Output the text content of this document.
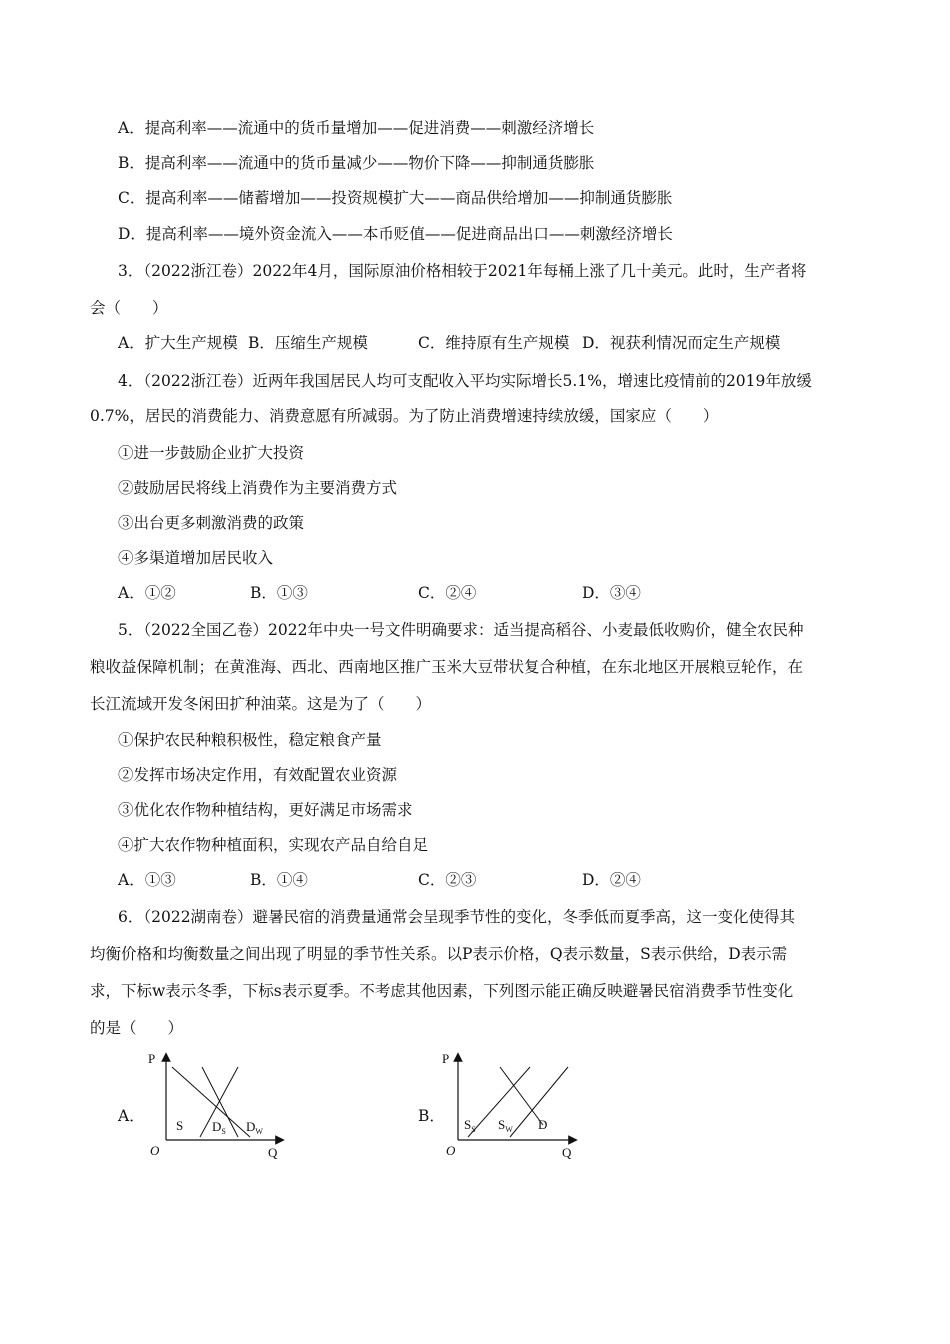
A．提高利率——流通中的货币量增加——促进消费——刺激经济增长
B．提高利率——流通中的货币量减少——物价下降——抑制通货膨胀
C．提高利率——储蓄增加——投资规模扩大——商品供给增加——抑制通货膨胀
D．提高利率——境外资金流入——本币贬值——促进商品出口——刺激经济增长
3．（2022浙江卷）2022年4月，国际原油价格相较于2021年每桶上涨了几十美元。此时，生产者将
会（　　）
A．扩大生产规模 B．压缩生产规模	C．维持原有生产规模 D．视获利情况而定生产规模
4．（2022浙江卷）近两年我国居民人均可支配收入平均实际增长5.1%，增速比疫情前的2019年放缓
0.7%，居民的消费能力、消费意愿有所减弱。为了防止消费增速持续放缓，国家应（　　）
①进一步鼓励企业扩大投资
②鼓励居民将线上消费作为主要消费方式
③出台更多刺激消费的政策
④多渠道增加居民收入
A．①②	B．①③	C．②④	D．③④
5．（2022全国乙卷）2022年中央一号文件明确要求：适当提高稻谷、小麦最低收购价，健全农民种
粮收益保障机制；在黄淮海、西北、西南地区推广玉米大豆带状复合种植，在东北地区开展粮豆轮作，在
长江流域开发冬闲田扩种油菜。这是为了（　　）
①保护农民种粮积极性，稳定粮食产量
②发挥市场决定作用，有效配置农业资源
③优化农作物种植结构，更好满足市场需求
④扩大农作物种植面积，实现农产品自给自足
A．①③	B．①④	C．②③	D．②④
6．（2022湖南卷）避暑民宿的消费量通常会呈现季节性的变化，冬季低而夏季高，这一变化使得其
均衡价格和均衡数量之间出现了明显的季节性关系。以P表示价格，Q表示数量，S表示供给，D表示需
求，下标w表示冬季，下标s表示夏季。不考虑其他因素，下列图示能正确反映避暑民宿消费季节性变化
的是（　　）
A．
P
Q
O
S $D_S$ $D_W$
B．
P
Q
O
$S_S$ $S_W$ D
